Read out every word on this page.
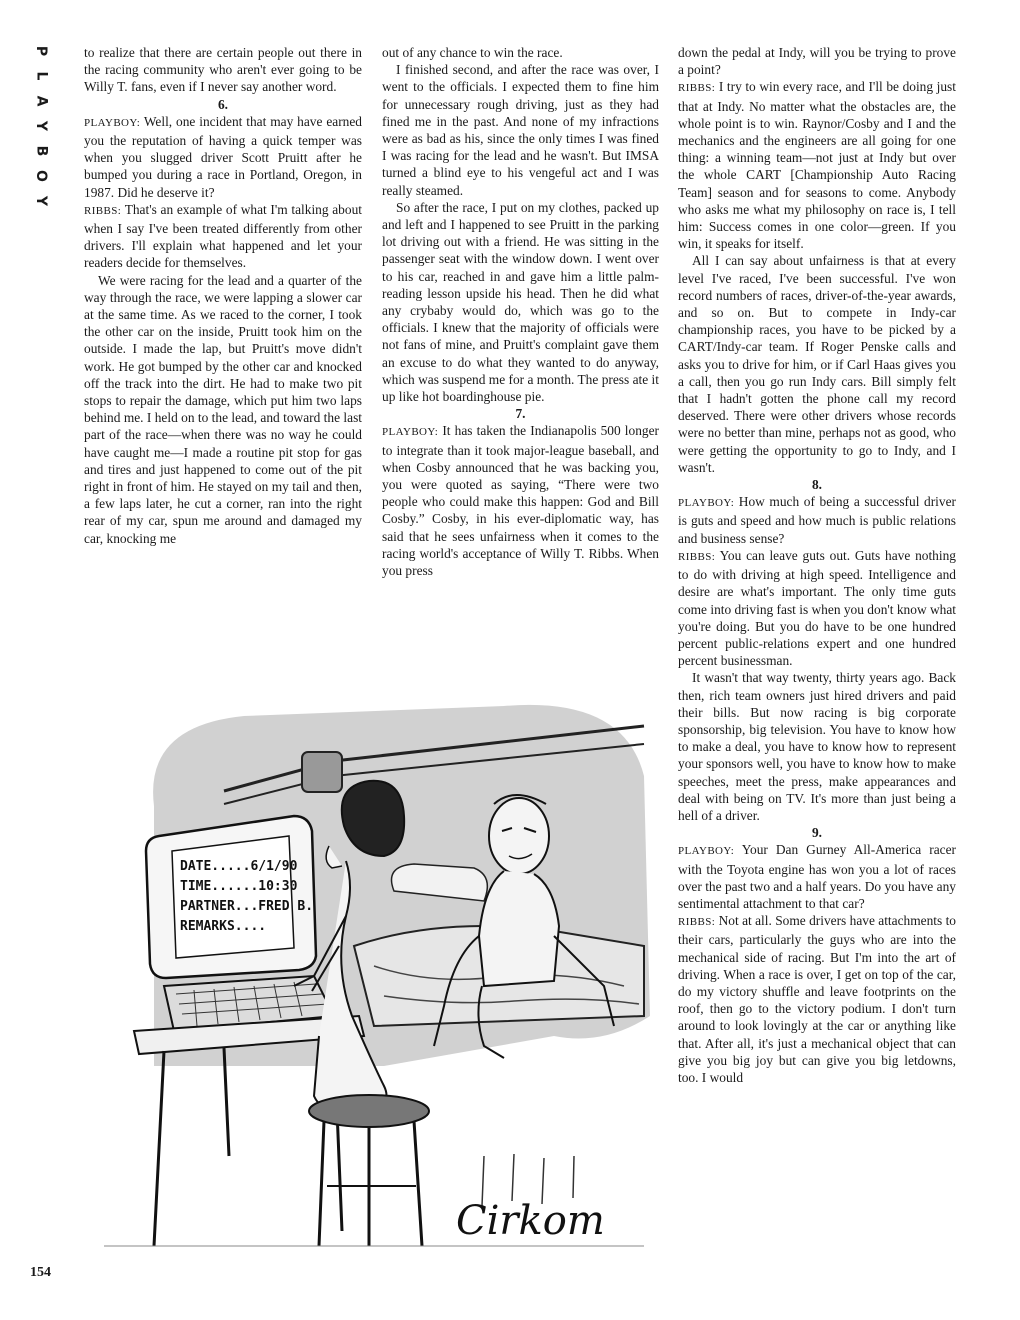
P
L
A
Y
B
O
Y

to realize that there are certain people out there in the racing community who aren't ever going to be Willy T. fans, even if I never say another word.

6.

PLAYBOY: Well, one incident that may have earned you the reputation of having a quick temper was when you slugged driver Scott Pruitt after he bumped you during a race in Portland, Oregon, in 1987. Did he deserve it?

RIBBS: That's an example of what I'm talking about when I say I've been treated differently from other drivers. I'll explain what happened and let your readers decide for themselves.

We were racing for the lead and a quarter of the way through the race, we were lapping a slower car at the same time. As we raced to the corner, I took the other car on the inside, Pruitt took him on the outside. I made the lap, but Pruitt's move didn't work. He got bumped by the other car and knocked off the track into the dirt. He had to make two pit stops to repair the damage, which put him two laps behind me. I held on to the lead, and toward the last part of the race—when there was no way he could have caught me—I made a routine pit stop for gas and tires and just happened to come out of the pit right in front of him. He stayed on my tail and then, a few laps later, he cut a corner, ran into the right rear of my car, spun me around and damaged my car, knocking me

out of any chance to win the race.

I finished second, and after the race was over, I went to the officials. I expected them to fine him for unnecessary rough driving, just as they had fined me in the past. And none of my infractions were as bad as his, since the only times I was fined I was racing for the lead and he wasn't. But IMSA turned a blind eye to his vengeful act and I was really steamed.

So after the race, I put on my clothes, packed up and left and I happened to see Pruitt in the parking lot driving out with a friend. He was sitting in the passenger seat with the window down. I went over to his car, reached in and gave him a little palm-reading lesson upside his head. Then he did what any crybaby would do, which was go to the officials. I knew that the majority of officials were not fans of mine, and Pruitt's complaint gave them an excuse to do what they wanted to do anyway, which was suspend me for a month. The press ate it up like hot boardinghouse pie.

7.

PLAYBOY: It has taken the Indianapolis 500 longer to integrate than it took major-league baseball, and when Cosby announced that he was backing you, you were quoted as saying, “There were two people who could make this happen: God and Bill Cosby.” Cosby, in his ever-diplomatic way, has said that he sees unfairness when it comes to the racing world's acceptance of Willy T. Ribbs. When you press

down the pedal at Indy, will you be trying to prove a point?

RIBBS: I try to win every race, and I'll be doing just that at Indy. No matter what the obstacles are, the whole point is to win. Raynor/Cosby and I and the mechanics and the engineers are all going for one thing: a winning team—not just at Indy but over the whole CART [Championship Auto Racing Team] season and for seasons to come. Anybody who asks me what my philosophy on race is, I tell him: Success comes in one color—green. If you win, it speaks for itself.

All I can say about unfairness is that at every level I've raced, I've been successful. I've won record numbers of races, driver-of-the-year awards, and so on. But to compete in Indy-car championship races, you have to be picked by a CART/Indy-car team. If Roger Penske calls and asks you to drive for him, or if Carl Haas gives you a call, then you go run Indy cars. Bill simply felt that I hadn't gotten the phone call my record deserved. There were other drivers whose records were no better than mine, perhaps not as good, who were getting the opportunity to go to Indy, and I wasn't.

8.

PLAYBOY: How much of being a successful driver is guts and speed and how much is public relations and business sense?

RIBBS: You can leave guts out. Guts have nothing to do with driving at high speed. Intelligence and desire are what's important. The only time guts come into driving fast is when you don't know what you're doing. But you do have to be one hundred percent public-relations expert and one hundred percent businessman.

It wasn't that way twenty, thirty years ago. Back then, rich team owners just hired drivers and paid their bills. But now racing is big corporate sponsorship, big television. You have to know how to make a deal, you have to know how to represent your sponsors well, you have to know how to make speeches, meet the press, make appearances and deal with being on TV. It's more than just being a hell of a driver.

9.

PLAYBOY: Your Dan Gurney All-America racer with the Toyota engine has won you a lot of races over the past two and a half years. Do you have any sentimental attachment to that car?

RIBBS: Not at all. Some drivers have attachments to their cars, particularly the guys who are into the mechanical side of racing. But I'm into the art of driving. When a race is over, I get on top of the car, do my victory shuffle and leave footprints on the roof, then go to the victory podium. I don't turn around to look lovingly at the car or anything like that. After all, it's just a mechanical object that can give you big joy but can give you big letdowns, too. I would

DATE.....6/1/90
TIME......10:30
PARTNER...FRED B.
REMARKS....
Cirkom
154
